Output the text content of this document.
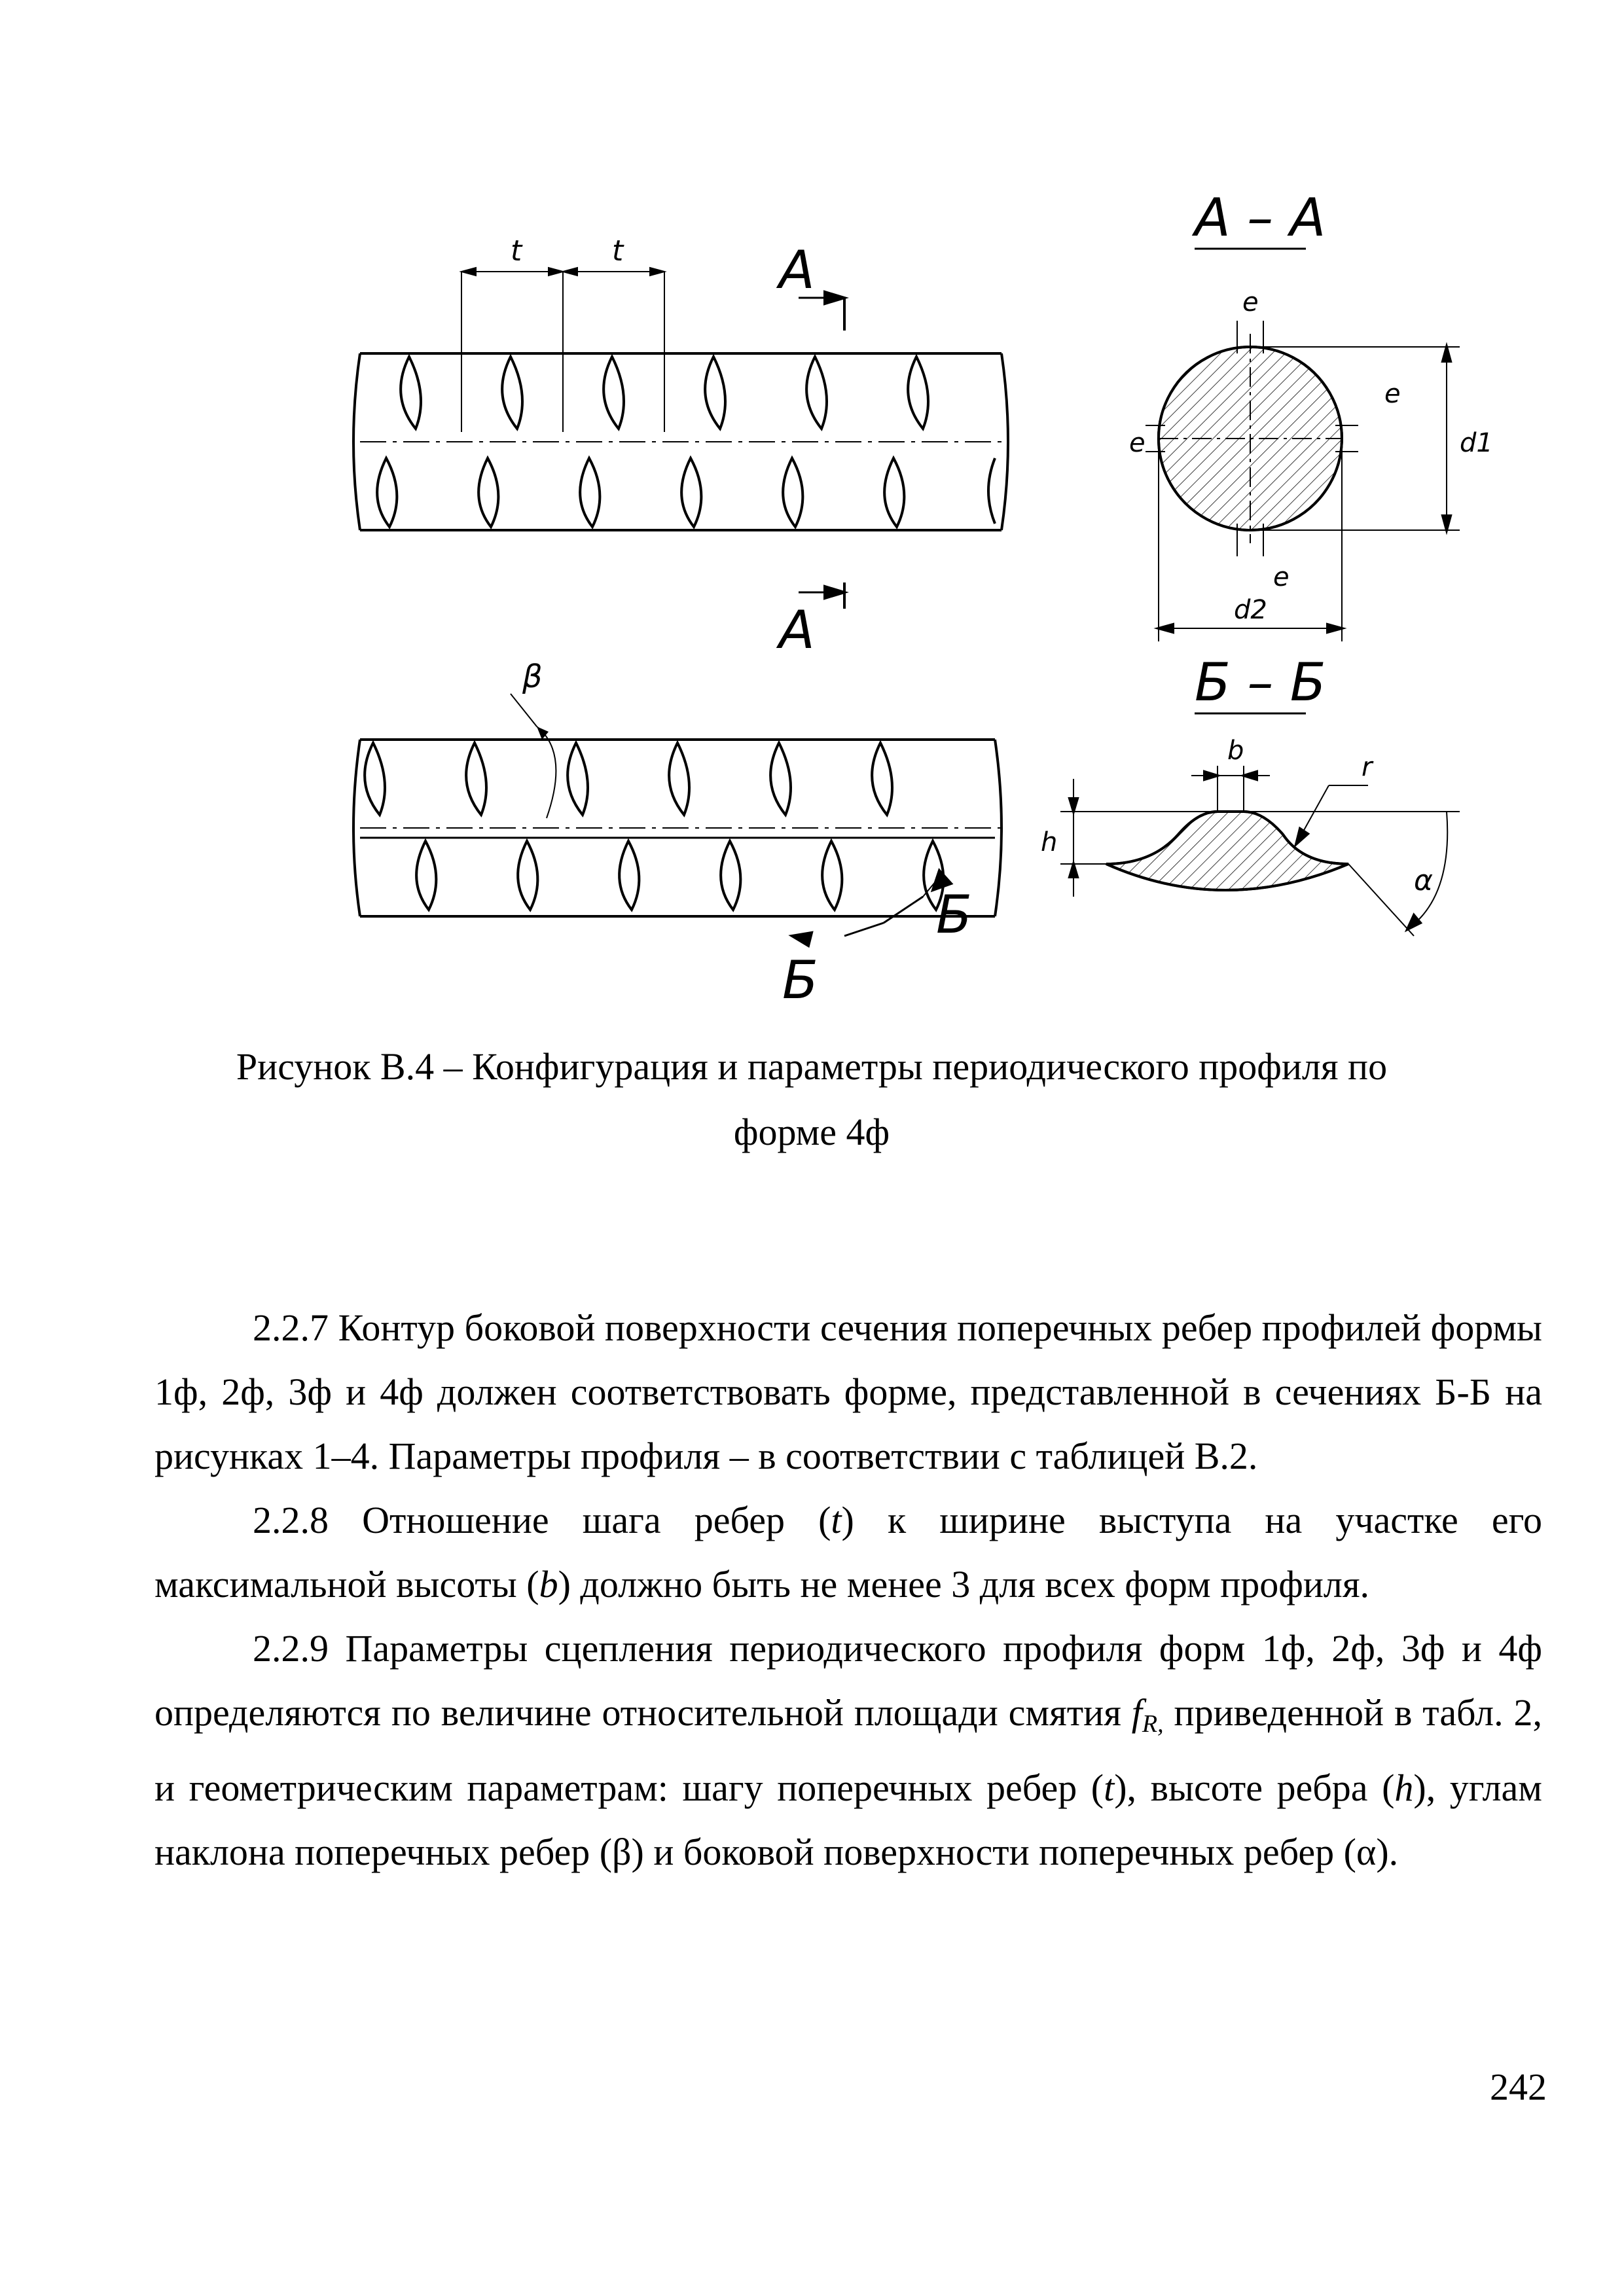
t	t	А
А
β
Б
Б
А – А
e
e
e
e
d1
d2
Б – Б
b
r
h
α
Рисунок В.4 – Конфигурация и параметры периодического профиля по
форме 4ф

2.2.7 Контур боковой поверхности сечения поперечных ребер профилей формы 1ф, 2ф, 3ф и 4ф должен соответствовать форме, представленной в сечениях Б-Б на рисунках 1–4. Параметры профиля – в соответствии с таблицей В.2.

2.2.8 Отношение шага ребер (t) к ширине выступа на участке его максимальной высоты (b) должно быть не менее 3 для всех форм профиля.

2.2.9 Параметры сцепления периодического профиля форм 1ф, 2ф, 3ф и 4ф определяются по величине относительной площади смятия $f_{R,}$ приведенной в табл. 2, и геометрическим параметрам: шагу поперечных ребер (t), высоте ребра (h), углам наклона поперечных ребер (β) и боковой поверхности поперечных ребер (α).

242
